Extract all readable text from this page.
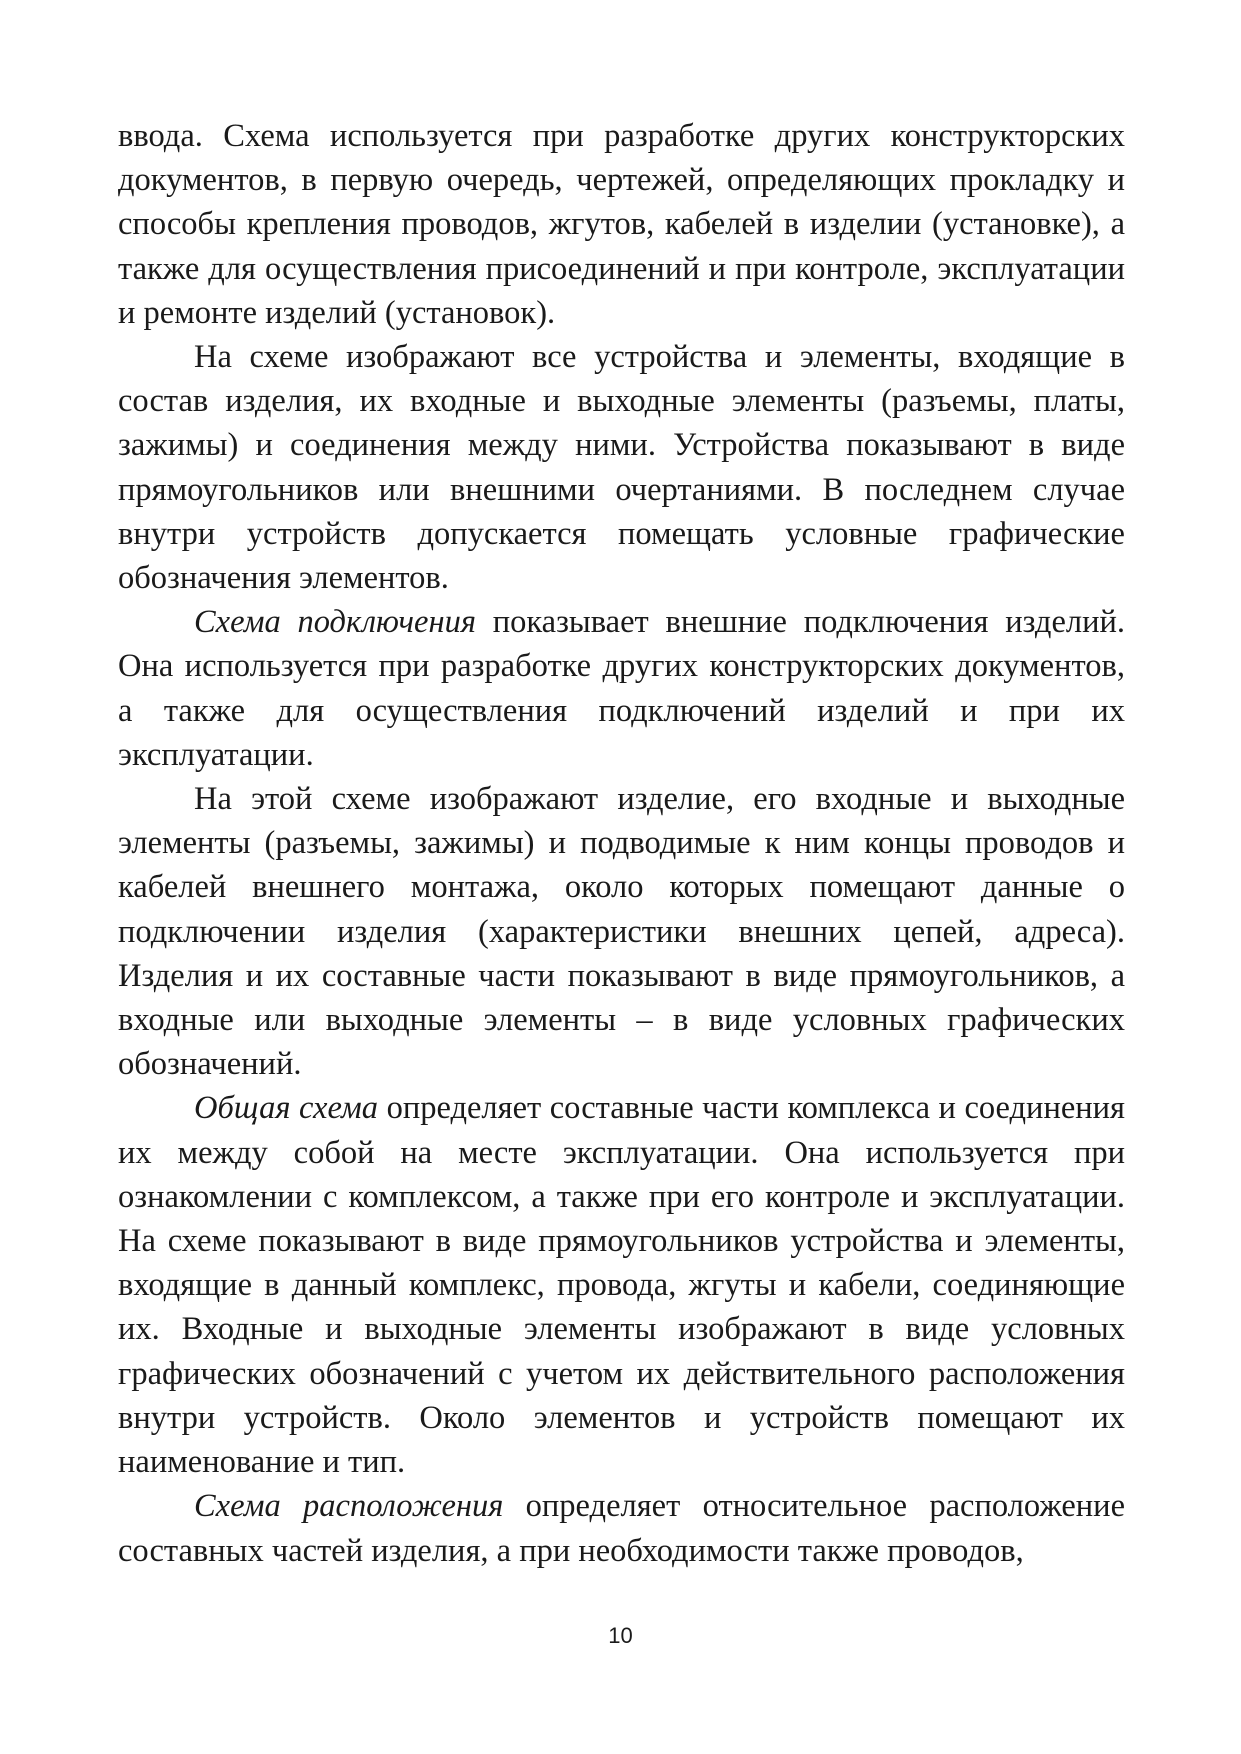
ввода. Схема используется при разработке других конструкторских документов, в первую очередь, чертежей, определяющих прокладку и способы крепления проводов, жгутов, кабелей в изделии (установке), а также для осуществления присоединений и при контроле, эксплуатации и ремонте изделий (установок).

На схеме изображают все устройства и элементы, входящие в состав изделия, их входные и выходные элементы (разъемы, платы, зажимы) и соединения между ними. Устройства показывают в виде прямоугольников или внешними очертаниями. В последнем случае внутри устройств допускается помещать условные графические обозначения элементов.

Схема подключения показывает внешние подключения изделий. Она используется при разработке других конструкторских документов, а также для осуществления подключений изделий и при их эксплуатации.

На этой схеме изображают изделие, его входные и выходные элементы (разъемы, зажимы) и подводимые к ним концы проводов и кабелей внешнего монтажа, около которых помещают данные о подключении изделия (характеристики внешних цепей, адреса). Изделия и их составные части показывают в виде прямоугольников, а входные или выходные элементы – в виде условных графических обозначений.

Общая схема определяет составные части комплекса и соединения их между собой на месте эксплуатации. Она используется при ознакомлении с комплексом, а также при его контроле и эксплуатации. На схеме показывают в виде прямоугольников устройства и элементы, входящие в данный комплекс, провода, жгуты и кабели, соединяющие их. Входные и выходные элементы изображают в виде условных графических обозначений с учетом их действительного расположения внутри устройств. Около элементов и устройств помещают их наименование и тип.

Схема расположения определяет относительное расположение составных частей изделия, а при необходимости также проводов,

10
